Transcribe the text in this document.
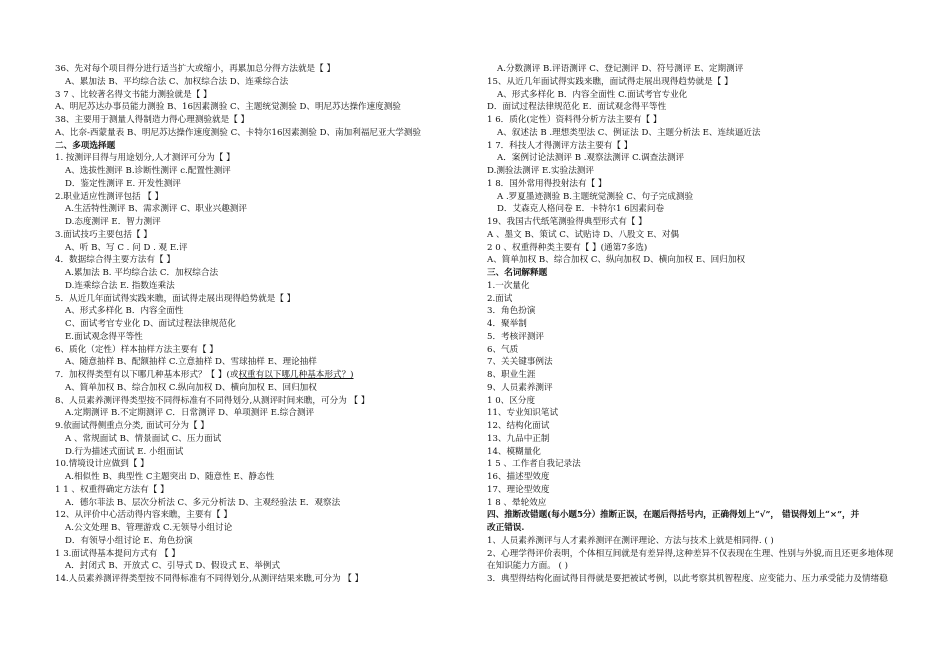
36、先对每个项目得分进行适当扩大或缩小，再累加总分得方法就是【 】
A、累加法 B、平均综合法 C、加权综合法 D、连乘综合法
3 7 、比较著名得文书能力测验就是【 】
A、明尼苏达办事员能力测验 B、16因素测验 C、主题统觉测验 D、明尼苏达操作速度测验
38、主要用于测量人得制造力得心理测验就是【 】
A、比奈-西蒙量表 B、明尼苏达操作速度测验 C、卡特尔16因素测验 D、南加利福尼亚大学测验
二、多项选择题
1. 按测评目得与用途划分,人才测评可分为【 】
A、选拔性测评 B.诊断性测评 c.配置性测评
D．鉴定性测评 E. 开发性测评
2.职业适应性测评包括 【 】
A.生活特性测评 B、需求测评 C、职业兴趣测评
D.态度测评 E．智力测评
3.面试技巧主要包括【 】
A、听 B、写 C . 问 D . 观 E.评
4．数据综合得主要方法有【 】
A.累加法 B. 平均综合法 C．加权综合法
D.连乘综合法 E. 指数连乘法
5．从近几年面试得实践来瞧，面试得走展出现得趋势就是【 】
A、形式多样化 B．内容全面性
C、面试考官专业化 D、面试过程法律规范化
E.面试观念得平等性
6、质化（定性）样本抽样方法主要有【 】
A、随意抽样 B、配额抽样 C.立意抽样 D、雪球抽样 E、理论抽样
7．加权得类型有以下哪几种基本形式？【 】(或权重有以下哪几种基本形式？)
A、简单加权 B、综合加权 C.纵向加权 D、横向加权 E、回归加权
8、人员素养测评得类型按不同得标准有不同得划分,从测评时间来瞧，可分为 【 】
A.定期测评 B.不定期测评 C．日常测评 D、单项测评 E.综合测评
9.依面试得侧重点分类, 面试可分为【 】
A 、常规面试 B、情景面试 C、压力面试
D.行为描述式面试 E. 小组面试
10.情境设计应做到【 】
A.相似性 B、典型性 C主题突出 D、随意性 E、静态性
1 1 、权重得确定方法有【 】
A．德尔菲法 B、层次分析法 C、多元分析法 D、主观经验法 E．观察法
12、从评价中心活动得内容来瞧，主要有【 】
A.公文处理 B、管理游戏 C.无领导小组讨论
D．有领导小组讨论 E、角色扮演
1 3.面试得基本提问方式有 【 】
A．封闭式 B、开放式 C、引导式 D、假设式 E、举例式
14.人员素养测评得类型按不同得标准有不同得划分,从测评结果来瞧,可分为 【 】
A.分数测评 B.评语测评 C、登记测评 D、符号测评 E、定期测评
15、从近几年面试得实践来瞧，面试得走展出现得趋势就是【 】
A、形式多样化 B．内容全面性 C.面试考官专业化
D．面试过程法律规范化 E．面试观念得平等性
1 6．质化(定性）资料得分析方法主要有【 】
A、叙述法 B .理想类型法 C、例证法 D、主题分析法 E、连续逼近法
1 7．科技人才得测评方法主要有【 】
A．案例讨论法测评 B .观察法测评 C.调查法测评
D.测验法测评 E.实验法测评
1 8．国外常用得投射法有【 】
A .罗夏墨迹测验 B.主题统觉测验 C、句子完成测验
D．艾森克人格问卷 E．卡特尔1 6因素问卷
19、我国古代纸笔测验得典型形式有【 】
A 、墨文 B、策试 C、试贴诗 D、八股文 E、对偶
2 0 、权重得种类主要有【 】(通第7多选)
A、简单加权 B、综合加权 C、纵向加权 D、横向加权 E、回归加权
三、名词解释题
1.一次量化
2.面试
3．角色扮演
4．聚举制
5．考核评测评
6、气质
7、关关键事例法
8、职业生涯
9、人员素养测评
1 0、区分度
11、专业知识笔试
12、结构化面试
13、九品中正制
14、模糊量化
1 5 、工作者自我记录法
16、描述型效度
17、理论型效度
1 8 、晕轮效应
四、推断改错题(每小题5分）推断正误，在题后得括号内，正确得划上“√”， 错误得划上“×”，并
改正错误.
1、人员素养测评与人才素养测评在测评理论、方法与技术上就是相同得. ( )
2、心理学得评价表明，个体相互间就是有差异得,这种差异不仅表现在生理、性别与外貌,而且还更多地体现
在知识能力方面。 ( )
3．典型得结构化面试得目得就是要把被试考例，以此考察其机智程度、应变能力、压力承受能力及情绪稳
